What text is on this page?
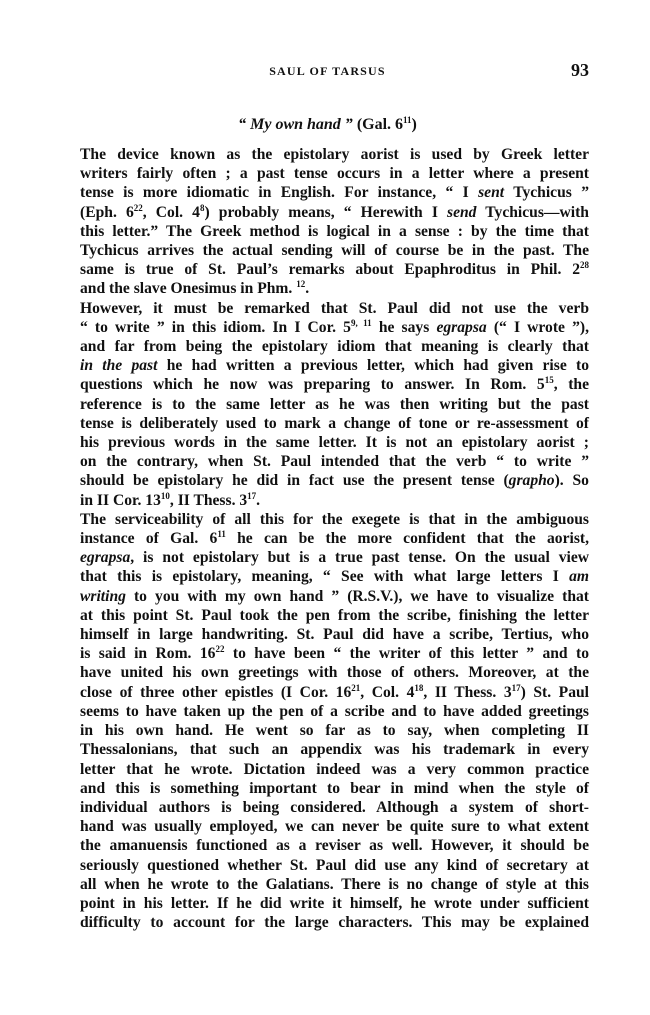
SAUL OF TARSUS	93
“ My own hand ” (Gal. $6^{11}$)

The device known as the epistolary aorist is used by Greek letter
writers fairly often ; a past tense occurs in a letter where a present
tense is more idiomatic in English. For instance, “ I sent Tychicus ”
(Eph. $6^{22}$, Col. $4^8$) probably means, “ Herewith I send Tychicus—with
this letter.” The Greek method is logical in a sense : by the time that
Tychicus arrives the actual sending will of course be in the past. The
same is true of St. Paul’s remarks about Epaphroditus in Phil. $2^{28}$
and the slave Onesimus in Phm. $^{12}$.

However, it must be remarked that St. Paul did not use the verb
“ to write ” in this idiom. In I Cor. 5$^{9, 11}$ he says egrapsa (“ I wrote ”),
and far from being the epistolary idiom that meaning is clearly that
in the past he had written a previous letter, which had given rise to
questions which he now was preparing to answer. In Rom. $5^{15}$, the
reference is to the same letter as he was then writing but the past
tense is deliberately used to mark a change of tone or re-assessment of
his previous words in the same letter. It is not an epistolary aorist ;
on the contrary, when St. Paul intended that the verb “ to write ”
should be epistolary he did in fact use the present tense (grapho). So
in II Cor. $13^{10}$, II Thess. $3^{17}$.

The serviceability of all this for the exegete is that in the ambiguous
instance of Gal. $6^{11}$ he can be the more confident that the aorist,
egrapsa, is not epistolary but is a true past tense. On the usual view
that this is epistolary, meaning, “ See with what large letters I am
writing to you with my own hand ” (R.S.V.), we have to visualize that
at this point St. Paul took the pen from the scribe, finishing the letter
himself in large handwriting. St. Paul did have a scribe, Tertius, who
is said in Rom. $16^{22}$ to have been “ the writer of this letter ” and to
have united his own greetings with those of others. Moreover, at the
close of three other epistles (I Cor. $16^{21}$, Col. $4^{18}$, II Thess. $3^{17}$) St. Paul
seems to have taken up the pen of a scribe and to have added greetings
in his own hand. He went so far as to say, when completing II
Thessalonians, that such an appendix was his trademark in every
letter that he wrote. Dictation indeed was a very common practice
and this is something important to bear in mind when the style of
individual authors is being considered. Although a system of short-
hand was usually employed, we can never be quite sure to what extent
the amanuensis functioned as a reviser as well. However, it should be
seriously questioned whether St. Paul did use any kind of secretary at
all when he wrote to the Galatians. There is no change of style at this
point in his letter. If he did write it himself, he wrote under sufficient
difficulty to account for the large characters. This may be explained
